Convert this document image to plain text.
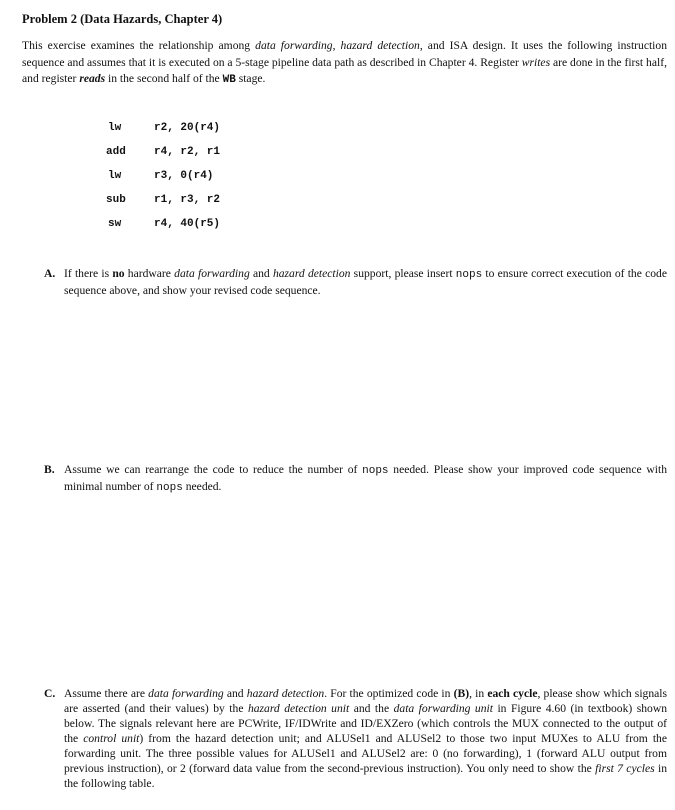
Problem 2 (Data Hazards, Chapter 4)
This exercise examines the relationship among data forwarding, hazard detection, and ISA design. It uses the following instruction sequence and assumes that it is executed on a 5-stage pipeline data path as described in Chapter 4. Register writes are done in the first half, and register reads in the second half of the WB stage.
lw	r2, 20(r4)
add	r4, r2, r1
lw	r3, 0(r4)
sub	r1, r3, r2
sw	r4, 40(r5)
A. If there is no hardware data forwarding and hazard detection support, please insert nops to ensure correct execution of the code sequence above, and show your revised code sequence.
B. Assume we can rearrange the code to reduce the number of nops needed. Please show your improved code sequence with minimal number of nops needed.
C. Assume there are data forwarding and hazard detection. For the optimized code in (B), in each cycle, please show which signals are asserted (and their values) by the hazard detection unit and the data forwarding unit in Figure 4.60 (in textbook) shown below. The signals relevant here are PCWrite, IF/IDWrite and ID/EXZero (which controls the MUX connected to the output of the control unit) from the hazard detection unit; and ALUSel1 and ALUSel2 to those two input MUXes to ALU from the forwarding unit. The three possible values for ALUSel1 and ALUSel2 are: 0 (no forwarding), 1 (forward ALU output from previous instruction), or 2 (forward data value from the second-previous instruction). You only need to show the first 7 cycles in the following table.
